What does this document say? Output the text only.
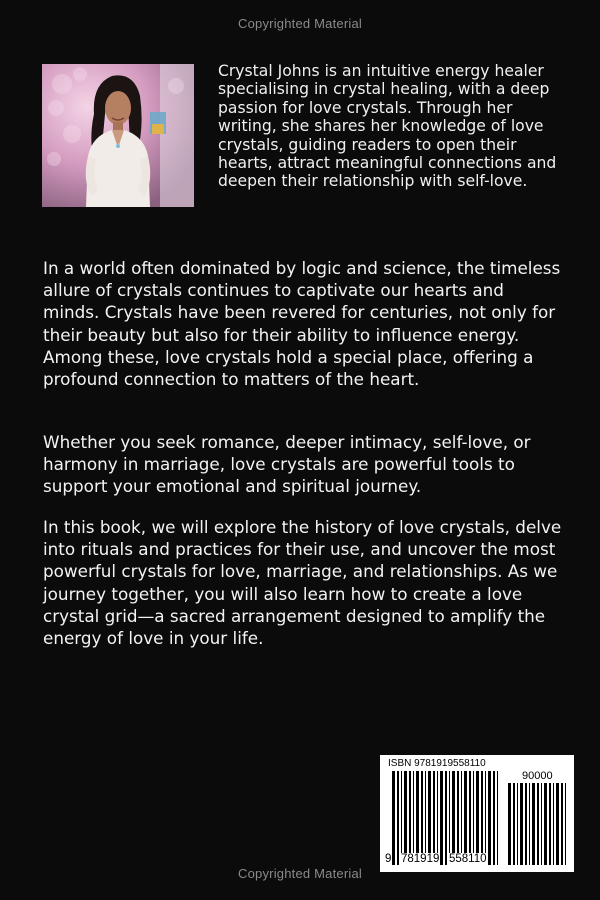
Copyrighted Material

Crystal Johns is an intuitive energy healer specialising in crystal healing, with a deep passion for love crystals. Through her writing, she shares her knowledge of love crystals, guiding readers to open their hearts, attract meaningful connections and deepen their relationship with self-love.

In a world often dominated by logic and science, the timeless allure of crystals continues to captivate our hearts and minds. Crystals have been revered for centuries, not only for their beauty but also for their ability to influence energy. Among these, love crystals hold a special place, offering a profound connection to matters of the heart.

Whether you seek romance, deeper intimacy, self-love, or harmony in marriage, love crystals are powerful tools to support your emotional and spiritual journey.

In this book, we will explore the history of love crystals, delve into rituals and practices for their use, and uncover the most powerful crystals for love, marriage, and relationships. As we journey together, you will also learn how to create a love crystal grid—a sacred arrangement designed to amplify the energy of love in your life.

ISBN 9781919558110
90000
9 781919 558110
Copyrighted Material
